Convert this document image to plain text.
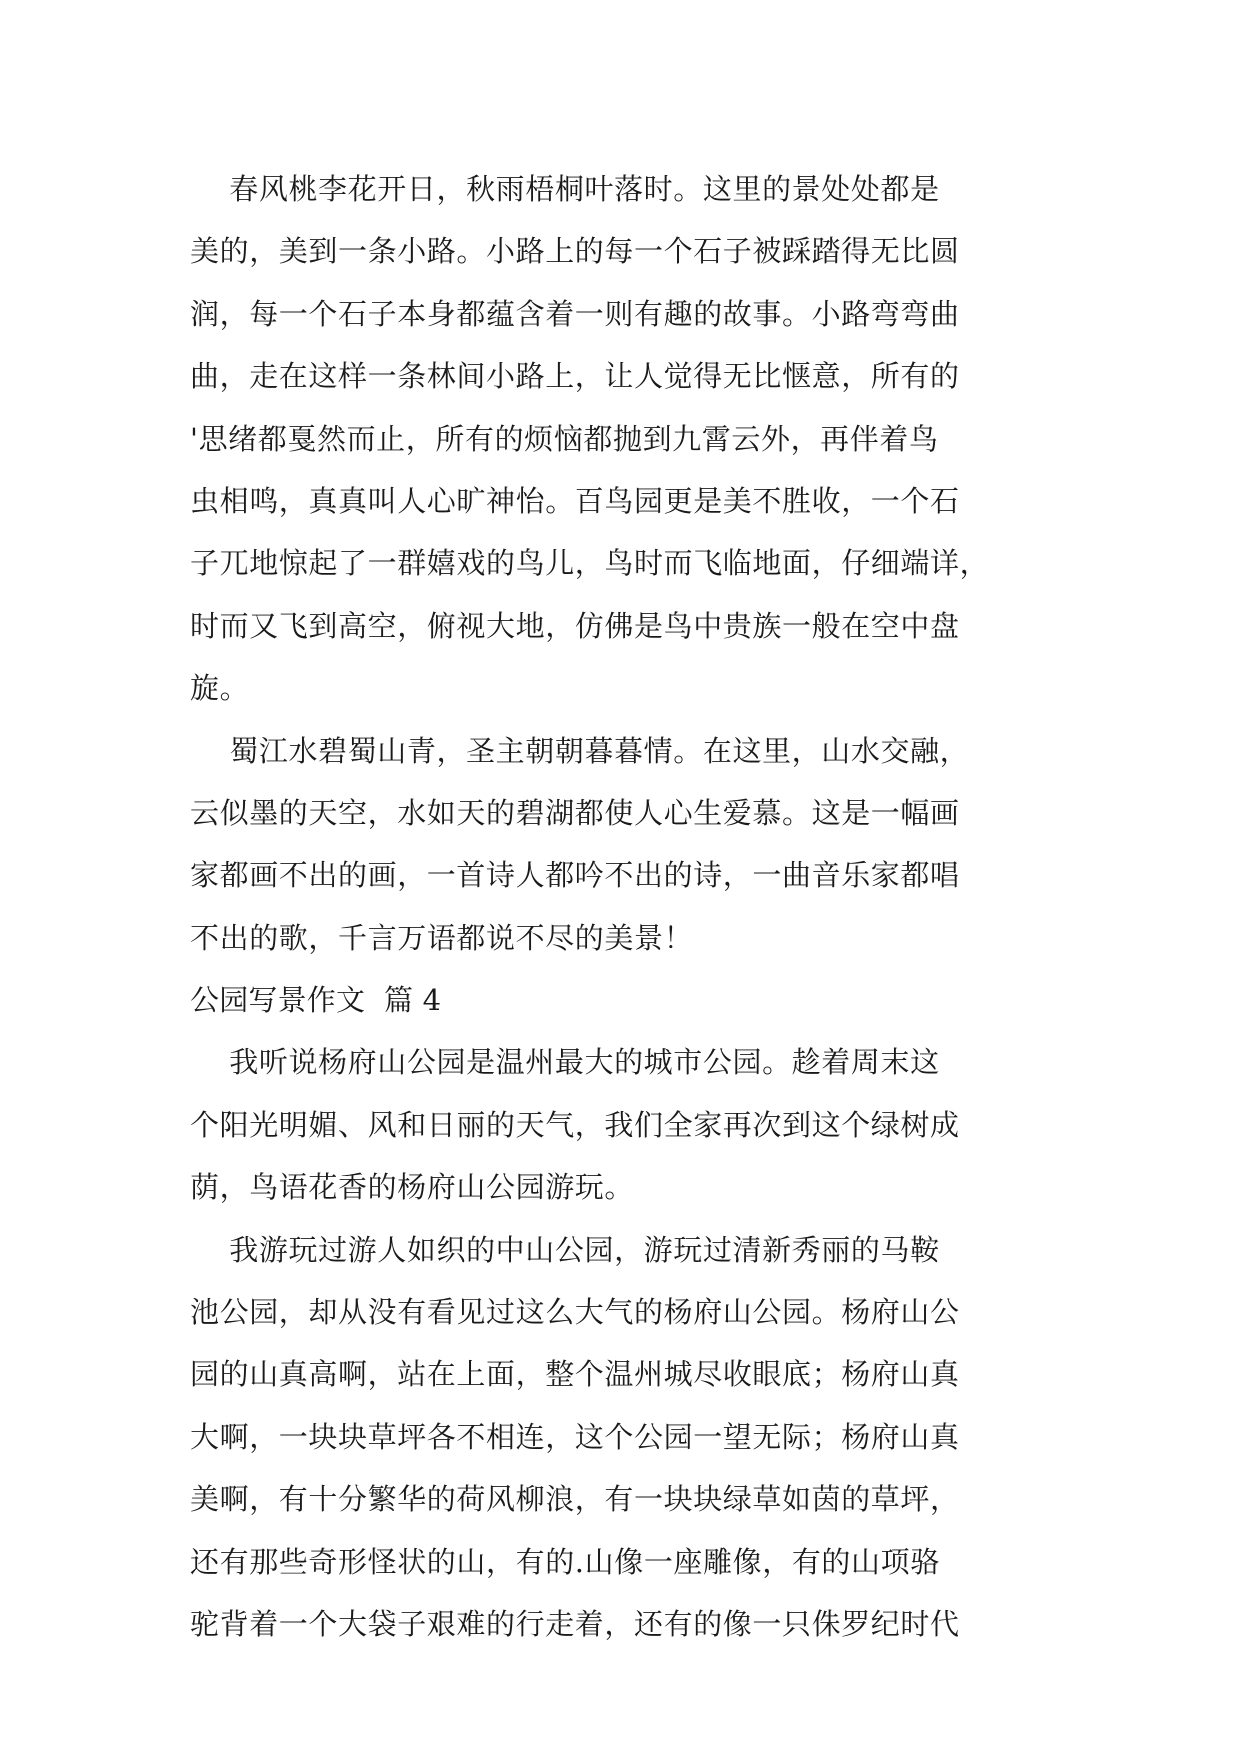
春风桃李花开日，秋雨梧桐叶落时。这里的景处处都是
美的，美到一条小路。小路上的每一个石子被踩踏得无比圆
润，每一个石子本身都蕴含着一则有趣的故事。小路弯弯曲
曲，走在这样一条林间小路上，让人觉得无比惬意，所有的
'思绪都戛然而止，所有的烦恼都抛到九霄云外，再伴着鸟
虫相鸣，真真叫人心旷神怡。百鸟园更是美不胜收，一个石
子兀地惊起了一群嬉戏的鸟儿，鸟时而飞临地面，仔细端详，
时而又飞到高空，俯视大地，仿佛是鸟中贵族一般在空中盘
旋。
蜀江水碧蜀山青，圣主朝朝暮暮情。在这里，山水交融，
云似墨的天空，水如天的碧湖都使人心生爱慕。这是一幅画
家都画不出的画，一首诗人都吟不出的诗，一曲音乐家都唱
不出的歌，千言万语都说不尽的美景！
公园写景作文  篇 4
我听说杨府山公园是温州最大的城市公园。趁着周末这
个阳光明媚、风和日丽的天气，我们全家再次到这个绿树成
荫，鸟语花香的杨府山公园游玩。
我游玩过游人如织的中山公园，游玩过清新秀丽的马鞍
池公园，却从没有看见过这么大气的杨府山公园。杨府山公
园的山真高啊，站在上面，整个温州城尽收眼底；杨府山真
大啊，一块块草坪各不相连，这个公园一望无际；杨府山真
美啊，有十分繁华的荷风柳浪，有一块块绿草如茵的草坪，
还有那些奇形怪状的山，有的.山像一座雕像，有的山项骆
驼背着一个大袋子艰难的行走着，还有的像一只侏罗纪时代
